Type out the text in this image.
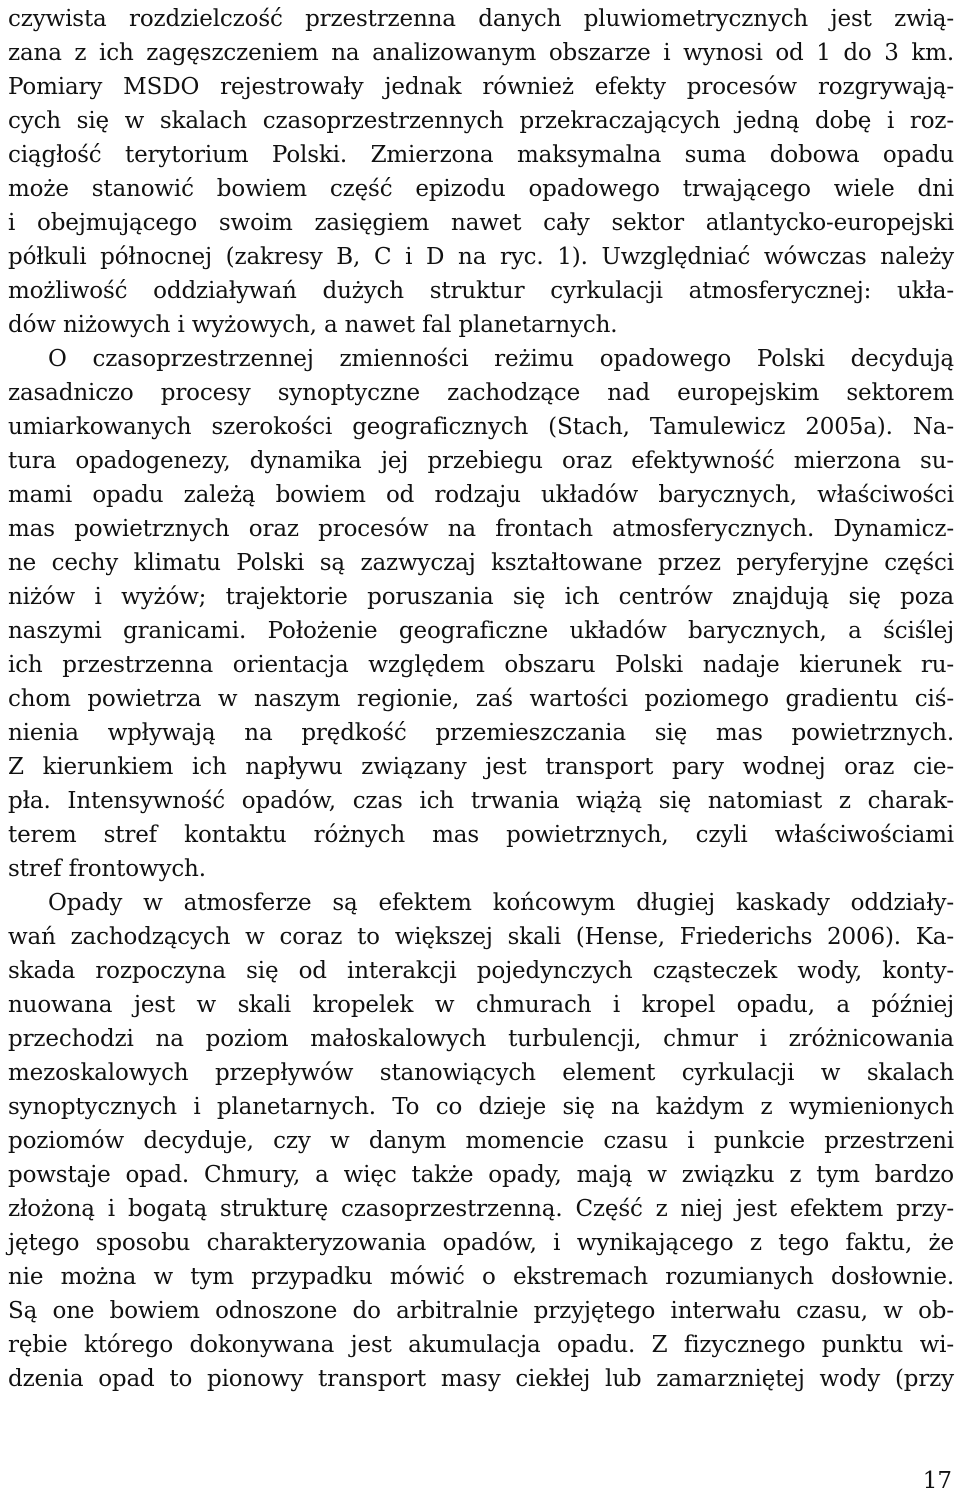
czywista rozdzielczość przestrzenna danych pluwiometrycznych jest zwią-
zana z ich zagęszczeniem na analizowanym obszarze i wynosi od 1 do 3 km.
Pomiary MSDO rejestrowały jednak również efekty procesów rozgrywają-
cych się w skalach czasoprzestrzennych przekraczających jedną dobę i roz-
ciągłość terytorium Polski. Zmierzona maksymalna suma dobowa opadu
może stanowić bowiem część epizodu opadowego trwającego wiele dni
i obejmującego swoim zasięgiem nawet cały sektor atlantycko-europejski
półkuli północnej (zakresy B, C i D na ryc. 1). Uwzględniać wówczas należy
możliwość oddziaływań dużych struktur cyrkulacji atmosferycznej: ukła-
dów niżowych i wyżowych, a nawet fal planetarnych.
O czasoprzestrzennej zmienności reżimu opadowego Polski decydują
zasadniczo procesy synoptyczne zachodzące nad europejskim sektorem
umiarkowanych szerokości geograficznych (Stach, Tamulewicz 2005a). Na-
tura opadogenezy, dynamika jej przebiegu oraz efektywność mierzona su-
mami opadu zależą bowiem od rodzaju układów barycznych, właściwości
mas powietrznych oraz procesów na frontach atmosferycznych. Dynamicz-
ne cechy klimatu Polski są zazwyczaj kształtowane przez peryferyjne części
niżów i wyżów; trajektorie poruszania się ich centrów znajdują się poza
naszymi granicami. Położenie geograficzne układów barycznych, a ściślej
ich przestrzenna orientacja względem obszaru Polski nadaje kierunek ru-
chom powietrza w naszym regionie, zaś wartości poziomego gradientu ciś-
nienia wpływają na prędkość przemieszczania się mas powietrznych.
Z kierunkiem ich napływu związany jest transport pary wodnej oraz cie-
pła. Intensywność opadów, czas ich trwania wiążą się natomiast z charak-
terem stref kontaktu różnych mas powietrznych, czyli właściwościami
stref frontowych.
Opady w atmosferze są efektem końcowym długiej kaskady oddziały-
wań zachodzących w coraz to większej skali (Hense, Friederichs 2006). Ka-
skada rozpoczyna się od interakcji pojedynczych cząsteczek wody, konty-
nuowana jest w skali kropelek w chmurach i kropel opadu, a później
przechodzi na poziom małoskalowych turbulencji, chmur i zróżnicowania
mezoskalowych przepływów stanowiących element cyrkulacji w skalach
synoptycznych i planetarnych. To co dzieje się na każdym z wymienionych
poziomów decyduje, czy w danym momencie czasu i punkcie przestrzeni
powstaje opad. Chmury, a więc także opady, mają w związku z tym bardzo
złożoną i bogatą strukturę czasoprzestrzenną. Część z niej jest efektem przy-
jętego sposobu charakteryzowania opadów, i wynikającego z tego faktu, że
nie można w tym przypadku mówić o ekstremach rozumianych dosłownie.
Są one bowiem odnoszone do arbitralnie przyjętego interwału czasu, w ob-
rębie którego dokonywana jest akumulacja opadu. Z fizycznego punktu wi-
dzenia opad to pionowy transport masy ciekłej lub zamarzniętej wody (przy
17
